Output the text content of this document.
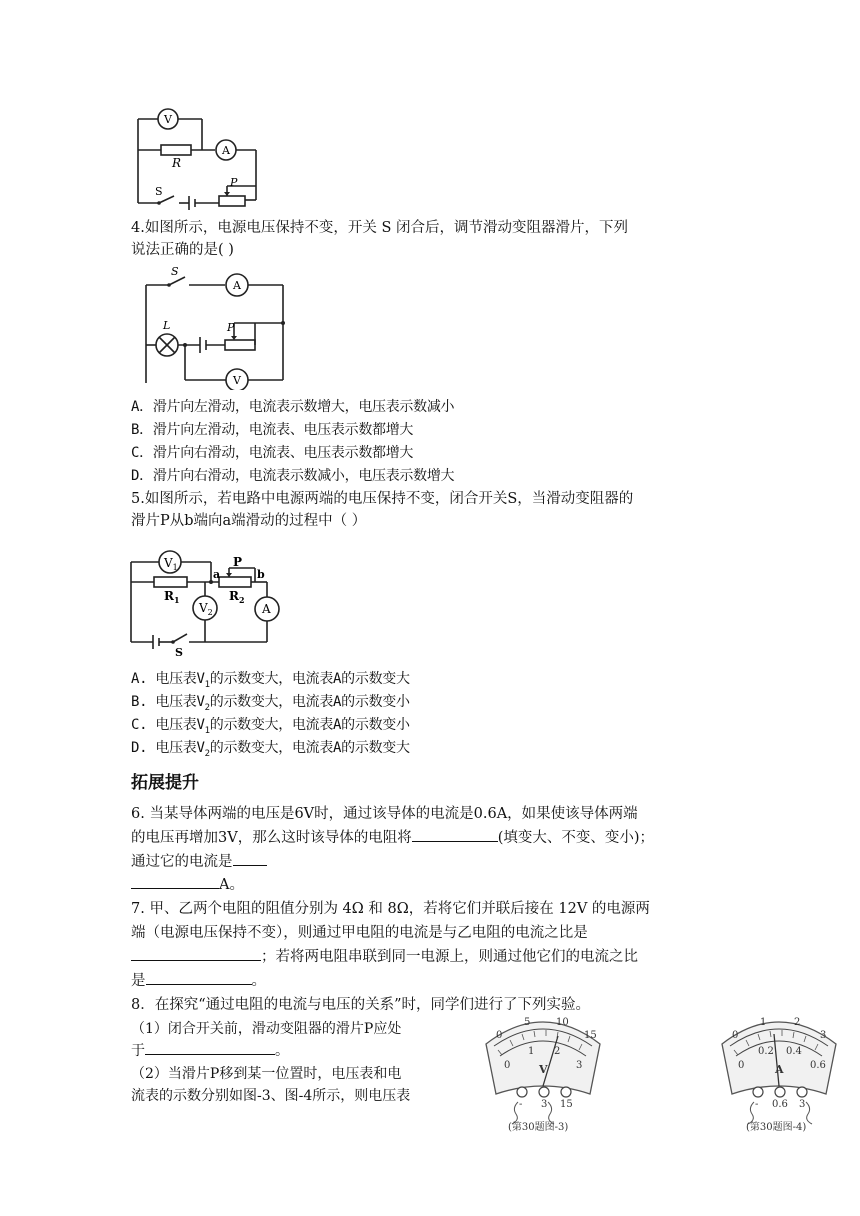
V
A
R
S
P
4.如图所示，电源电压保持不变，开关 S 闭合后，调节滑动变阻器滑片，下列
说法正确的是( )
S
A
L	P
V
A．滑片向左滑动，电流表示数增大，电压表示数减小
B．滑片向左滑动，电流表、电压表示数都增大
C．滑片向右滑动，电流表、电压表示数都增大
D．滑片向右滑动，电流表示数减小，电压表示数增大
5.如图所示，若电路中电源两端的电压保持不变，闭合开关S，当滑动变阻器的
滑片P从b端向a端滑动的过程中（ ）
$V_1$
$R_1$
a
P
b
$R_2$
$V_2$	A
S
A. 电压表$V_1$的示数变大，电流表A的示数变大
B. 电压表$V_2$的示数变大，电流表A的示数变小
C. 电压表$V_1$的示数变大，电流表A的示数变小
D. 电压表$V_2$的示数变大，电流表A的示数变大
拓展提升
6. 当某导体两端的电压是6V时，通过该导体的电流是0.6A，如果使该导体两端
的电压再增加3V，那么这时该导体的电阻将	(填变大、不变、变小)；
通过它的电流是
A。
7. 甲、乙两个电阻的阻值分别为 4Ω 和 8Ω，若将它们并联后接在 12V 的电源两
端（电源电压保持不变），则通过甲电阻的电流是与乙电阻的电流之比是
；若将两电阻串联到同一电源上，则通过他它们的电流之比
是	。
8．在探究“通过电阻的电流与电压的关系”时，同学们进行了下列实验。
（1）闭合开关前，滑动变阻器的滑片P应处
于	。
（2）当滑片P移到某一位置时，电压表和电
流表的示数分别如图-3、图-4所示，则电压表
0
5	10
15
0
1 2
3
V
- 3 15
(第30题图-3)
0
1	2
3
0
0.2 0.4
0.6
A
- 0.6 3
(第30题图-4)
